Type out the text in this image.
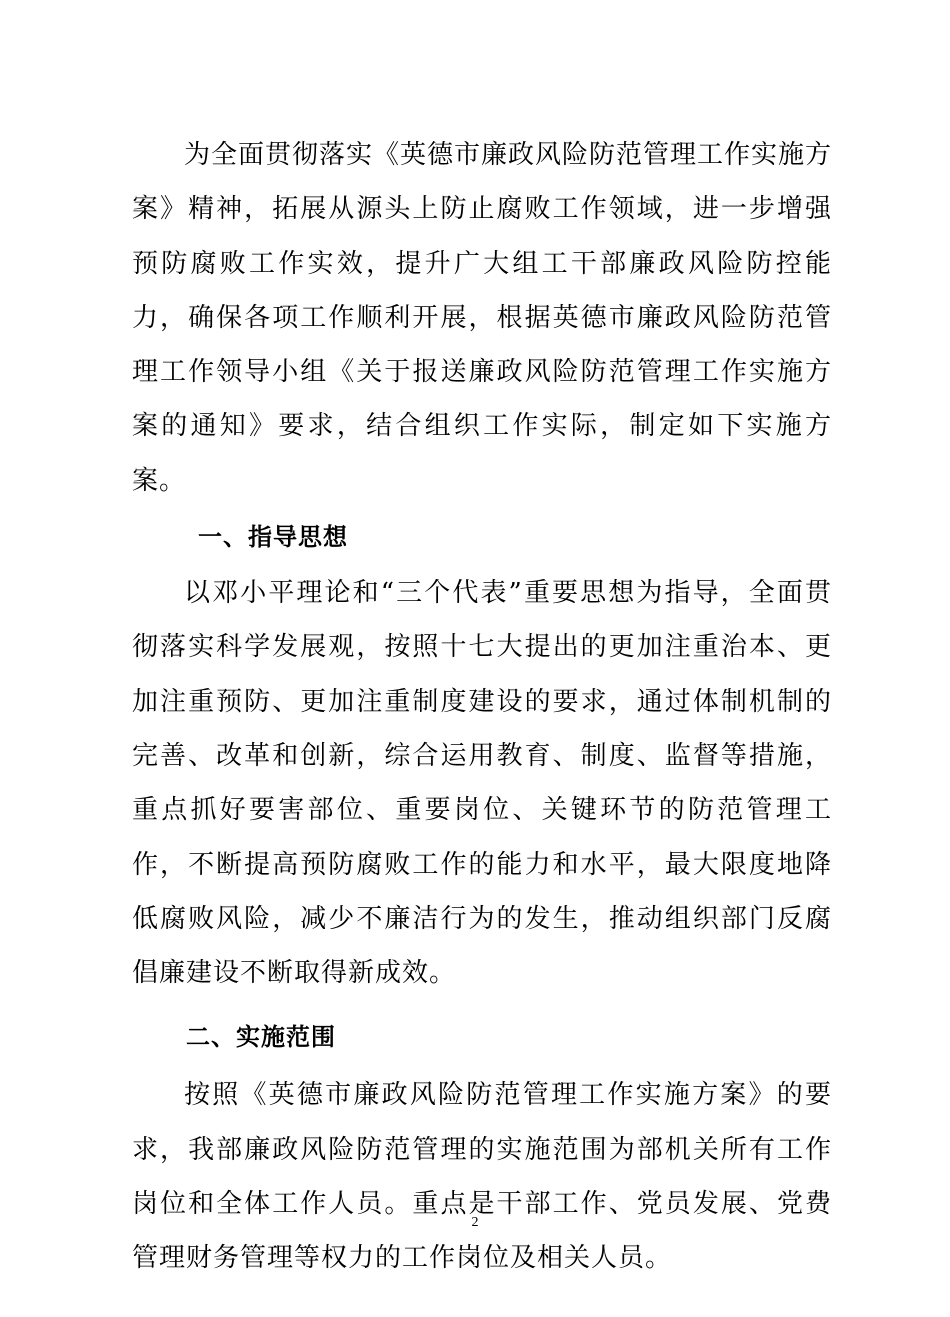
为全面贯彻落实《英德市廉政风险防范管理工作实施方案》精神，拓展从源头上防止腐败工作领域，进一步增强预防腐败工作实效，提升广大组工干部廉政风险防控能力，确保各项工作顺利开展，根据英德市廉政风险防范管理工作领导小组《关于报送廉政风险防范管理工作实施方案的通知》要求，结合组织工作实际，制定如下实施方案。

一、指导思想

以邓小平理论和“三个代表”重要思想为指导，全面贯彻落实科学发展观，按照十七大提出的更加注重治本、更加注重预防、更加注重制度建设的要求，通过体制机制的完善、改革和创新，综合运用教育、制度、监督等措施，重点抓好要害部位、重要岗位、关键环节的防范管理工作，不断提高预防腐败工作的能力和水平，最大限度地降低腐败风险，减少不廉洁行为的发生，推动组织部门反腐倡廉建设不断取得新成效。

二、实施范围

按照《英德市廉政风险防范管理工作实施方案》的要求，我部廉政风险防范管理的实施范围为部机关所有工作岗位和全体工作人员。重点是干部工作、党员发展、党费管理财务管理等权力的工作岗位及相关人员。

2
